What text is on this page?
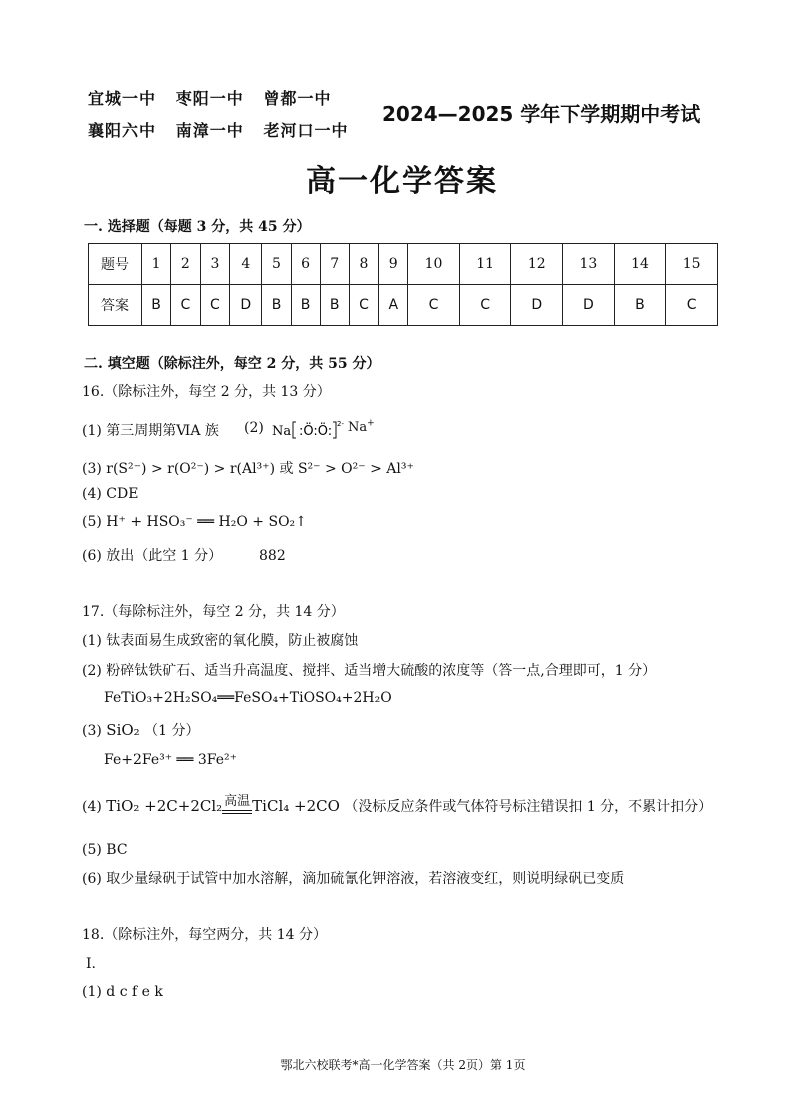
宜城一中 枣阳一中 曾都一中
襄阳六中 南漳一中 老河口一中
2024—2025 学年下学期期中考试
高一化学答案
一. 选择题（每题 3 分，共 45 分）
题号	1	2	3	4	5	6	7	8	9	10	11	12	13	14	15
答案	B	C	C	D	B	B	B	C	A	C	C	D	D	B	C
二. 填空题（除标注外，每空 2 分，共 55 分）
16.（除标注外，每空 2 分，共 13 分）
(1) 第三周期第ⅥA 族 (2) Na :Ö:Ö: 2- Na+
(3) r(S²⁻) > r(O²⁻) > r(Al³⁺) 或 S²⁻ > O²⁻ > Al³⁺
(4) CDE
(5) H⁺ + HSO₃⁻ ══ H₂O + SO₂↑
(6) 放出（此空 1 分）	882
17.（每除标注外，每空 2 分，共 14 分）
(1) 钛表面易生成致密的氧化膜，防止被腐蚀
(2) 粉碎钛铁矿石、适当升高温度、搅拌、适当增大硫酸的浓度等（答一点,合理即可，1 分）
FeTiO₃+2H₂SO₄══FeSO₄+TiOSO₄+2H₂O
(3) SiO₂ （1 分）
Fe+2Fe³⁺ ══ 3Fe²⁺
(4) TiO₂ +2C+2Cl₂ 高温 TiCl₄ +2CO （没标反应条件或气体符号标注错误扣 1 分，不累计扣分）
(5) BC
(6) 取少量绿矾于试管中加水溶解，滴加硫氰化钾溶液，若溶液变红，则说明绿矾已变质
18.（除标注外，每空两分，共 14 分）
Ⅰ.
(1) d c f e k
鄂北六校联考*高一化学答案（共 2页）第 1页
